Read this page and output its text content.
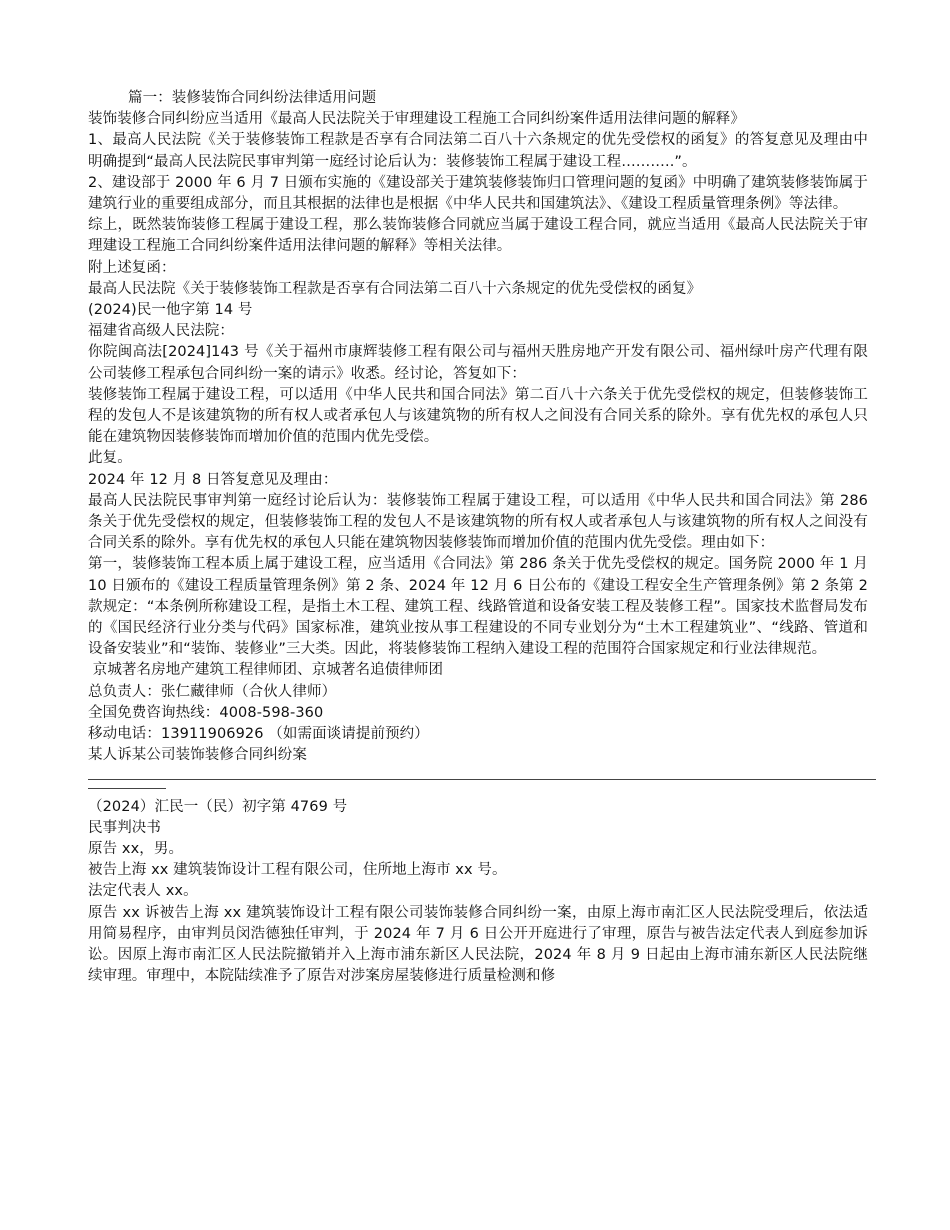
篇一：装修装饰合同纠纷法律适用问题

装饰装修合同纠纷应当适用《最高人民法院关于审理建设工程施工合同纠纷案件适用法律问题的解释》

1、最高人民法院《关于装修装饰工程款是否享有合同法第二百八十六条规定的优先受偿权的函复》的答复意见及理由中明确提到“最高人民法院民事审判第一庭经讨论后认为：装修装饰工程属于建设工程………..”。

2、建设部于 2000 年 6 月 7 日颁布实施的《建设部关于建筑装修装饰归口管理问题的复函》中明确了建筑装修装饰属于建筑行业的重要组成部分，而且其根据的法律也是根据《中华人民共和国建筑法》、《建设工程质量管理条例》等法律。

综上，既然装饰装修工程属于建设工程，那么装饰装修合同就应当属于建设工程合同，就应当适用《最高人民法院关于审理建设工程施工合同纠纷案件适用法律问题的解释》等相关法律。

附上述复函：

最高人民法院《关于装修装饰工程款是否享有合同法第二百八十六条规定的优先受偿权的函复》

(2024)民一他字第 14 号

福建省高级人民法院：

你院闽高法[2024]143 号《关于福州市康辉装修工程有限公司与福州天胜房地产开发有限公司、福州绿叶房产代理有限公司装修工程承包合同纠纷一案的请示》收悉。经讨论，答复如下：

装修装饰工程属于建设工程，可以适用《中华人民共和国合同法》第二百八十六条关于优先受偿权的规定，但装修装饰工程的发包人不是该建筑物的所有权人或者承包人与该建筑物的所有权人之间没有合同关系的除外。享有优先权的承包人只能在建筑物因装修装饰而增加价值的范围内优先受偿。

此复。

2024 年 12 月 8 日答复意见及理由：

最高人民法院民事审判第一庭经讨论后认为：装修装饰工程属于建设工程，可以适用《中华人民共和国合同法》第 286 条关于优先受偿权的规定，但装修装饰工程的发包人不是该建筑物的所有权人或者承包人与该建筑物的所有权人之间没有合同关系的除外。享有优先权的承包人只能在建筑物因装修装饰而增加价值的范围内优先受偿。理由如下：

第一，装修装饰工程本质上属于建设工程，应当适用《合同法》第 286 条关于优先受偿权的规定。国务院 2000 年 1 月 10 日颁布的《建设工程质量管理条例》第 2 条、2024 年 12 月 6 日公布的《建设工程安全生产管理条例》第 2 条第 2 款规定：“本条例所称建设工程，是指土木工程、建筑工程、线路管道和设备安装工程及装修工程”。国家技术监督局发布的《国民经济行业分类与代码》国家标准，建筑业按从事工程建设的不同专业划分为“土木工程建筑业”、“线路、管道和设备安装业”和“装饰、装修业”三大类。因此，将装修装饰工程纳入建设工程的范围符合国家规定和行业法律规范。

京城著名房地产建筑工程律师团、京城著名追债律师团

总负责人：张仁藏律师（合伙人律师）

全国免费咨询热线：4008-598-360

移动电话：13911906926 （如需面谈请提前预约）

某人诉某公司装饰装修合同纠纷案

（2024）汇民一（民）初字第 4769 号

民事判决书

原告 xx，男。

被告上海 xx 建筑装饰设计工程有限公司，住所地上海市 xx 号。

法定代表人 xx。

原告 xx 诉被告上海 xx 建筑装饰设计工程有限公司装饰装修合同纠纷一案，由原上海市南汇区人民法院受理后，依法适用简易程序，由审判员闵浩德独任审判，于 2024 年 7 月 6 日公开开庭进行了审理，原告与被告法定代表人到庭参加诉讼。因原上海市南汇区人民法院撤销并入上海市浦东新区人民法院，2024 年 8 月 9 日起由上海市浦东新区人民法院继续审理。审理中，本院陆续准予了原告对涉案房屋装修进行质量检测和修
